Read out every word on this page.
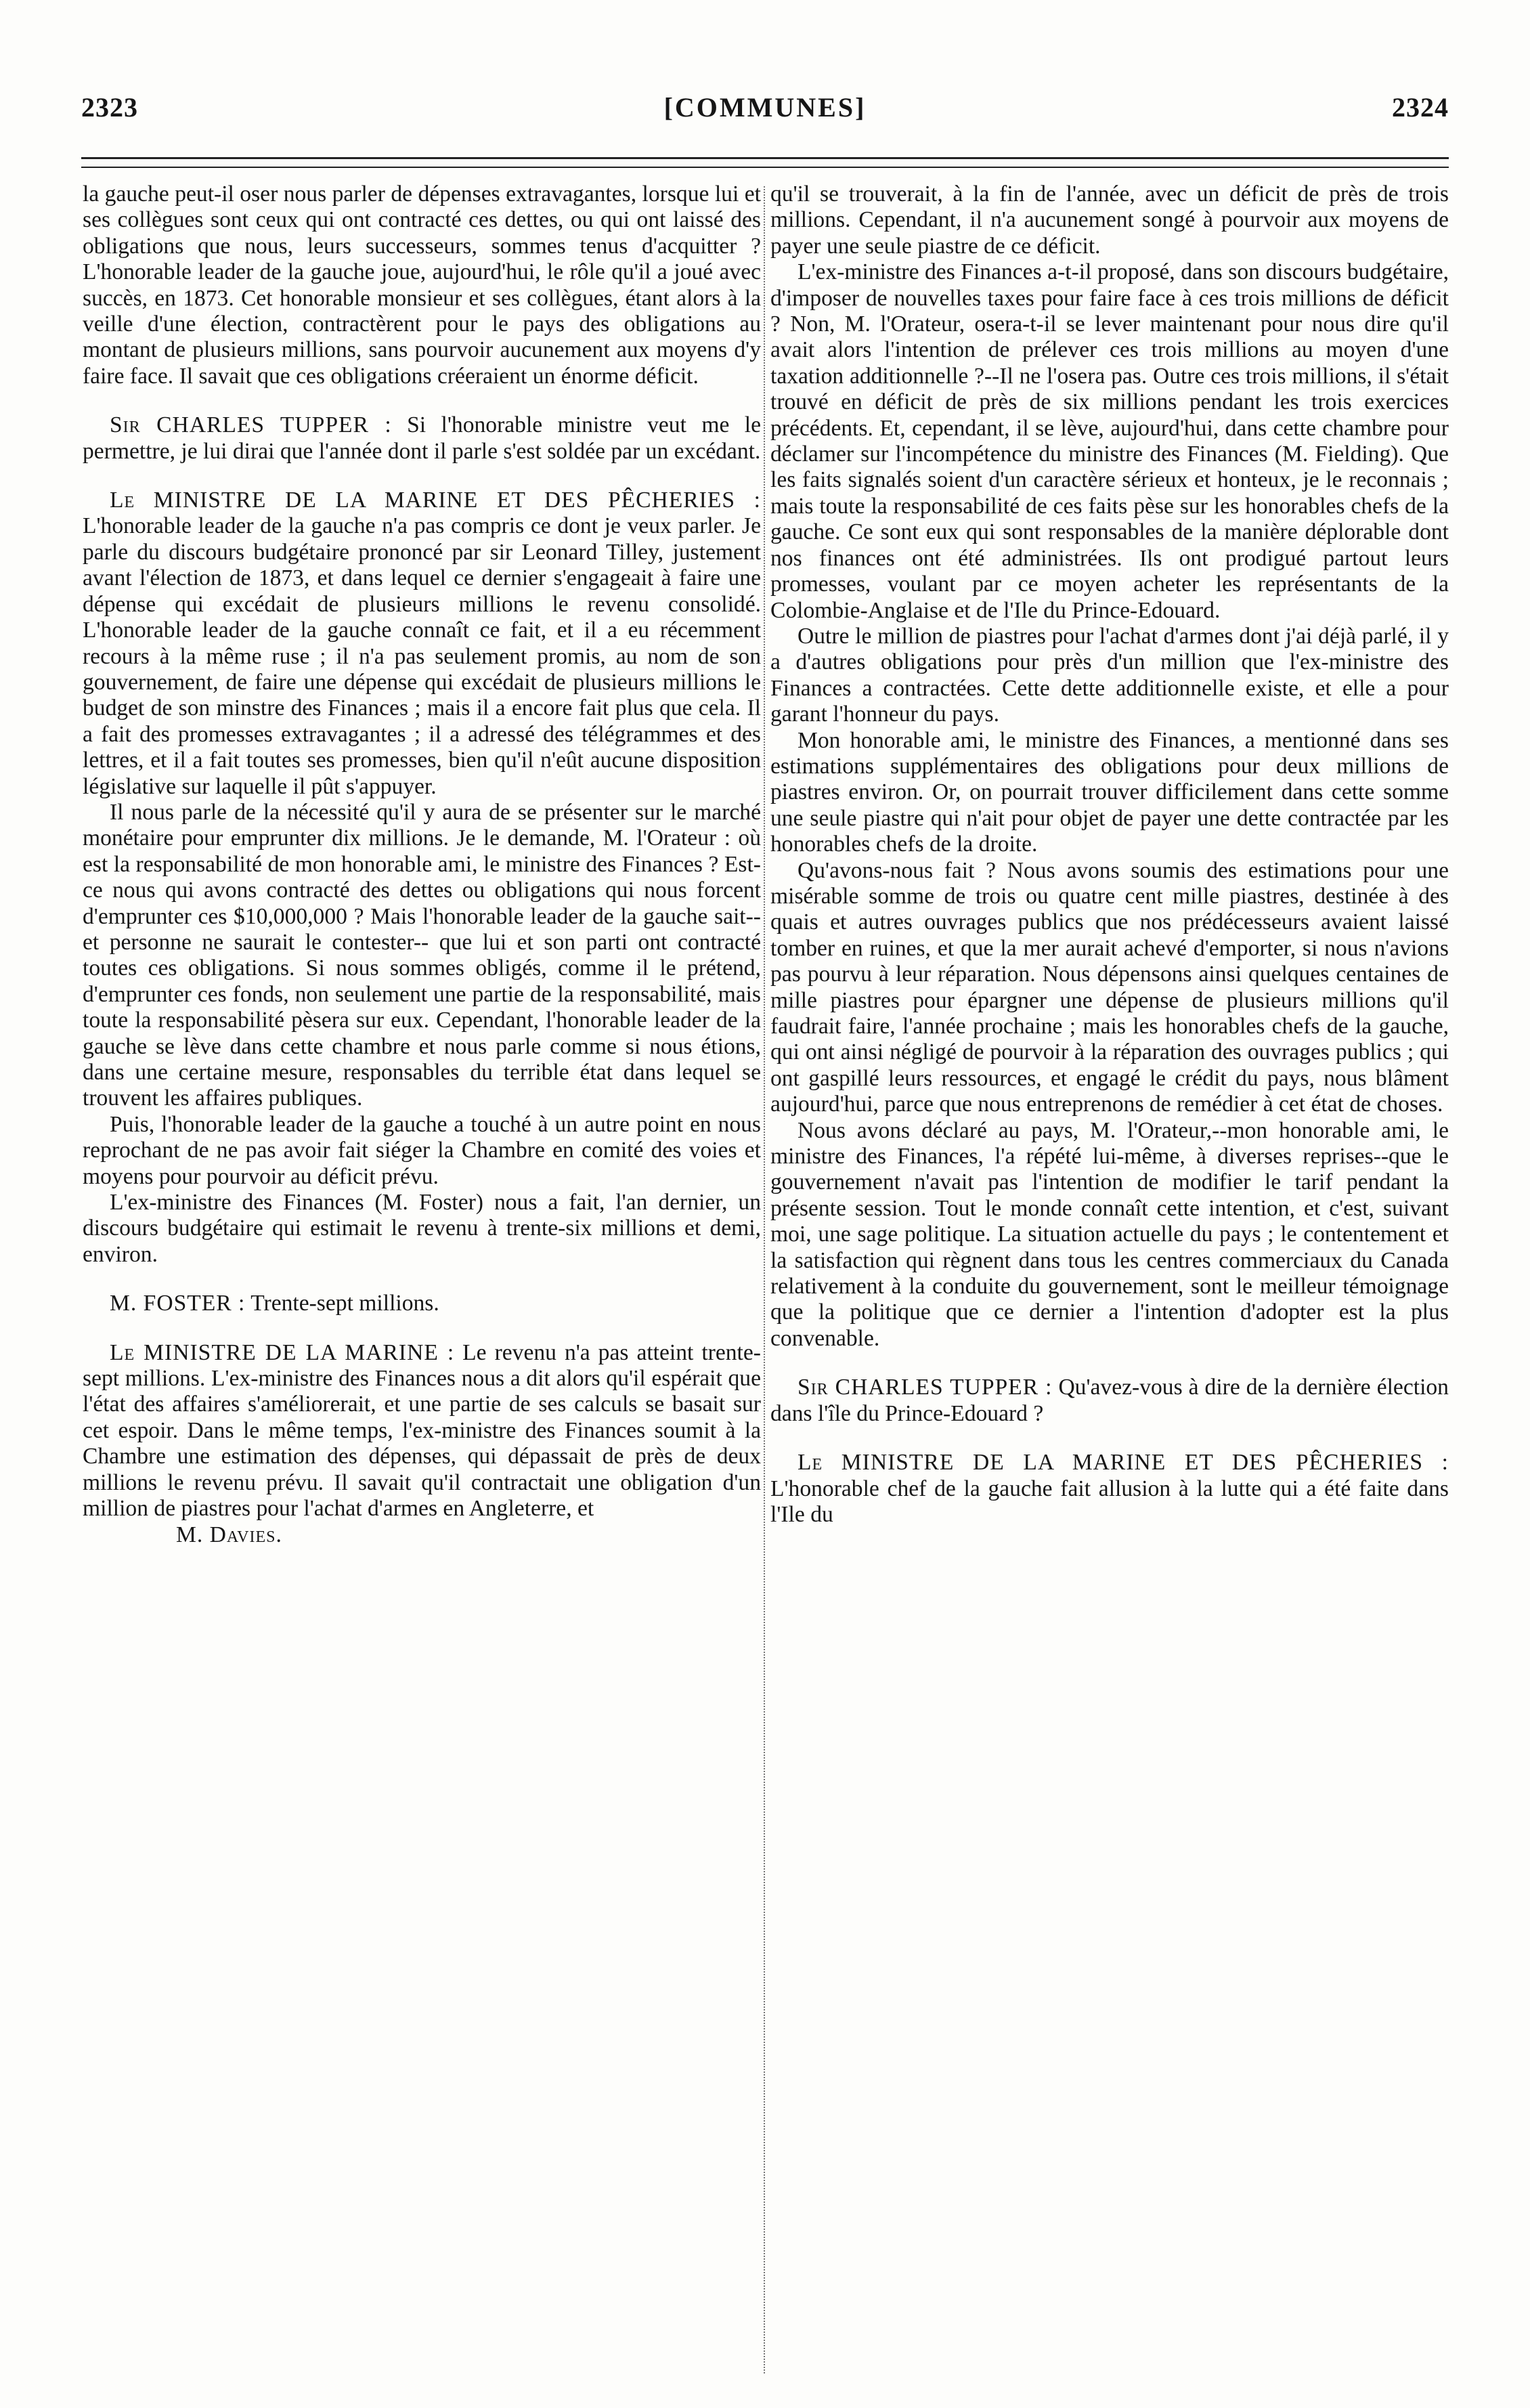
2323	[COMMUNES]	2324

la gauche peut-il oser nous parler de dépenses extravagantes, lorsque lui et ses collègues sont ceux qui ont contracté ces dettes, ou qui ont laissé des obligations que nous, leurs successeurs, sommes tenus d'acquitter ? L'honorable leader de la gauche joue, aujourd'hui, le rôle qu'il a joué avec succès, en 1873. Cet honorable monsieur et ses collègues, étant alors à la veille d'une élection, contractèrent pour le pays des obligations au montant de plusieurs millions, sans pourvoir aucunement aux moyens d'y faire face. Il savait que ces obligations créeraient un énorme déficit.

Sir CHARLES TUPPER : Si l'honorable ministre veut me le permettre, je lui dirai que l'année dont il parle s'est soldée par un excédant.

Le MINISTRE DE LA MARINE ET DES PÊCHERIES : L'honorable leader de la gauche n'a pas compris ce dont je veux parler. Je parle du discours budgétaire prononcé par sir Leonard Tilley, justement avant l'élection de 1873, et dans lequel ce dernier s'engageait à faire une dépense qui excédait de plusieurs millions le revenu consolidé. L'honorable leader de la gauche connaît ce fait, et il a eu récemment recours à la même ruse ; il n'a pas seulement promis, au nom de son gouvernement, de faire une dépense qui excédait de plusieurs millions le budget de son minstre des Finances ; mais il a encore fait plus que cela. Il a fait des promesses extravagantes ; il a adressé des télégrammes et des lettres, et il a fait toutes ses promesses, bien qu'il n'eût aucune disposition législative sur laquelle il pût s'appuyer.

Il nous parle de la nécessité qu'il y aura de se présenter sur le marché monétaire pour emprunter dix millions. Je le demande, M. l'Orateur : où est la responsabilité de mon honorable ami, le ministre des Finances ? Est-ce nous qui avons contracté des dettes ou obligations qui nous forcent d'emprunter ces $10,000,000 ? Mais l'honorable leader de la gauche sait--et personne ne saurait le contester-- que lui et son parti ont contracté toutes ces obligations. Si nous sommes obligés, comme il le prétend, d'emprunter ces fonds, non seulement une partie de la responsabilité, mais toute la responsabilité pèsera sur eux. Cependant, l'honorable leader de la gauche se lève dans cette chambre et nous parle comme si nous étions, dans une certaine mesure, responsables du terrible état dans lequel se trouvent les affaires publiques.

Puis, l'honorable leader de la gauche a touché à un autre point en nous reprochant de ne pas avoir fait siéger la Chambre en comité des voies et moyens pour pourvoir au déficit prévu.

L'ex-ministre des Finances (M. Foster) nous a fait, l'an dernier, un discours budgétaire qui estimait le revenu à trente-six millions et demi, environ.

M. FOSTER : Trente-sept millions.

Le MINISTRE DE LA MARINE : Le revenu n'a pas atteint trente-sept millions. L'ex-ministre des Finances nous a dit alors qu'il espérait que l'état des affaires s'améliorerait, et une partie de ses calculs se basait sur cet espoir. Dans le même temps, l'ex-ministre des Finances soumit à la Chambre une estimation des dépenses, qui dépassait de près de deux millions le revenu prévu. Il savait qu'il contractait une obligation d'un million de piastres pour l'achat d'armes en Angleterre, et

M. Davies.

qu'il se trouverait, à la fin de l'année, avec un déficit de près de trois millions. Cependant, il n'a aucunement songé à pourvoir aux moyens de payer une seule piastre de ce déficit.

L'ex-ministre des Finances a-t-il proposé, dans son discours budgétaire, d'imposer de nouvelles taxes pour faire face à ces trois millions de déficit ? Non, M. l'Orateur, osera-t-il se lever maintenant pour nous dire qu'il avait alors l'intention de prélever ces trois millions au moyen d'une taxation additionnelle ?--Il ne l'osera pas. Outre ces trois millions, il s'était trouvé en déficit de près de six millions pendant les trois exercices précédents. Et, cependant, il se lève, aujourd'hui, dans cette chambre pour déclamer sur l'incompétence du ministre des Finances (M. Fielding). Que les faits signalés soient d'un caractère sérieux et honteux, je le reconnais ; mais toute la responsabilité de ces faits pèse sur les honorables chefs de la gauche. Ce sont eux qui sont responsables de la manière déplorable dont nos finances ont été administrées. Ils ont prodigué partout leurs promesses, voulant par ce moyen acheter les représentants de la Colombie-Anglaise et de l'Ile du Prince-Edouard.

Outre le million de piastres pour l'achat d'armes dont j'ai déjà parlé, il y a d'autres obligations pour près d'un million que l'ex-ministre des Finances a contractées. Cette dette additionnelle existe, et elle a pour garant l'honneur du pays.

Mon honorable ami, le ministre des Finances, a mentionné dans ses estimations supplémentaires des obligations pour deux millions de piastres environ. Or, on pourrait trouver difficilement dans cette somme une seule piastre qui n'ait pour objet de payer une dette contractée par les honorables chefs de la droite.

Qu'avons-nous fait ? Nous avons soumis des estimations pour une misérable somme de trois ou quatre cent mille piastres, destinée à des quais et autres ouvrages publics que nos prédécesseurs avaient laissé tomber en ruines, et que la mer aurait achevé d'emporter, si nous n'avions pas pourvu à leur réparation. Nous dépensons ainsi quelques centaines de mille piastres pour épargner une dépense de plusieurs millions qu'il faudrait faire, l'année prochaine ; mais les honorables chefs de la gauche, qui ont ainsi négligé de pourvoir à la réparation des ouvrages publics ; qui ont gaspillé leurs ressources, et engagé le crédit du pays, nous blâment aujourd'hui, parce que nous entreprenons de remédier à cet état de choses.

Nous avons déclaré au pays, M. l'Orateur,--mon honorable ami, le ministre des Finances, l'a répété lui-même, à diverses reprises--que le gouvernement n'avait pas l'intention de modifier le tarif pendant la présente session. Tout le monde connaît cette intention, et c'est, suivant moi, une sage politique. La situation actuelle du pays ; le contentement et la satisfaction qui règnent dans tous les centres commerciaux du Canada relativement à la conduite du gouvernement, sont le meilleur témoignage que la politique que ce dernier a l'intention d'adopter est la plus convenable.

Sir CHARLES TUPPER : Qu'avez-vous à dire de la dernière élection dans l'île du Prince-Edouard ?

Le MINISTRE DE LA MARINE ET DES PÊCHERIES : L'honorable chef de la gauche fait allusion à la lutte qui a été faite dans l'Ile du
